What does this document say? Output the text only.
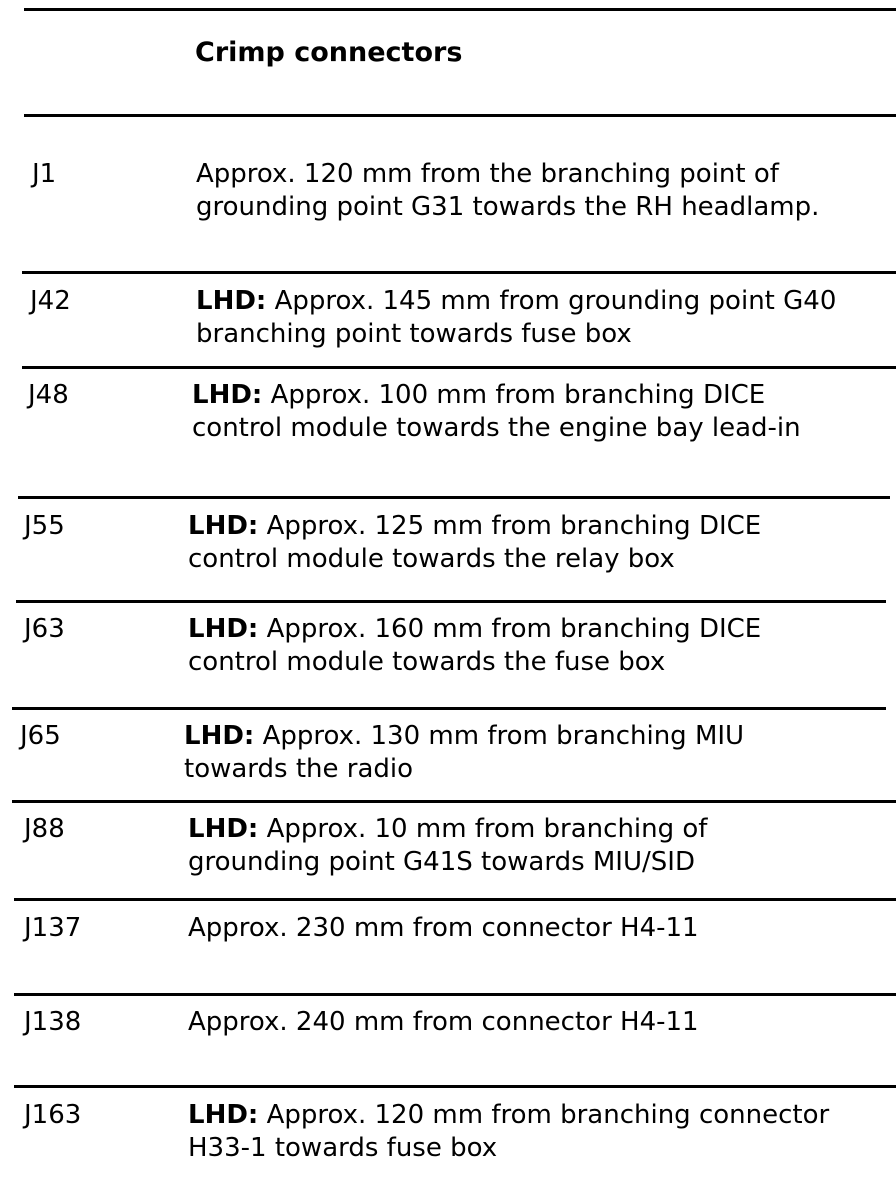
Crimp connectors
J1	Approx. 120 mm from the branching point of
grounding point G31 towards the RH headlamp.
J42	LHD: Approx. 145 mm from grounding point G40
branching point towards fuse box
J48	LHD: Approx. 100 mm from branching DICE
control module towards the engine bay lead-in
J55	LHD: Approx. 125 mm from branching DICE
control module towards the relay box
J63	LHD: Approx. 160 mm from branching DICE
control module towards the fuse box
J65	LHD: Approx. 130 mm from branching MIU
towards the radio
J88	LHD: Approx. 10 mm from branching of
grounding point G41S towards MIU/SID
J137	Approx. 230 mm from connector H4-11
J138	Approx. 240 mm from connector H4-11
J163	LHD: Approx. 120 mm from branching connector
H33-1 towards fuse box
